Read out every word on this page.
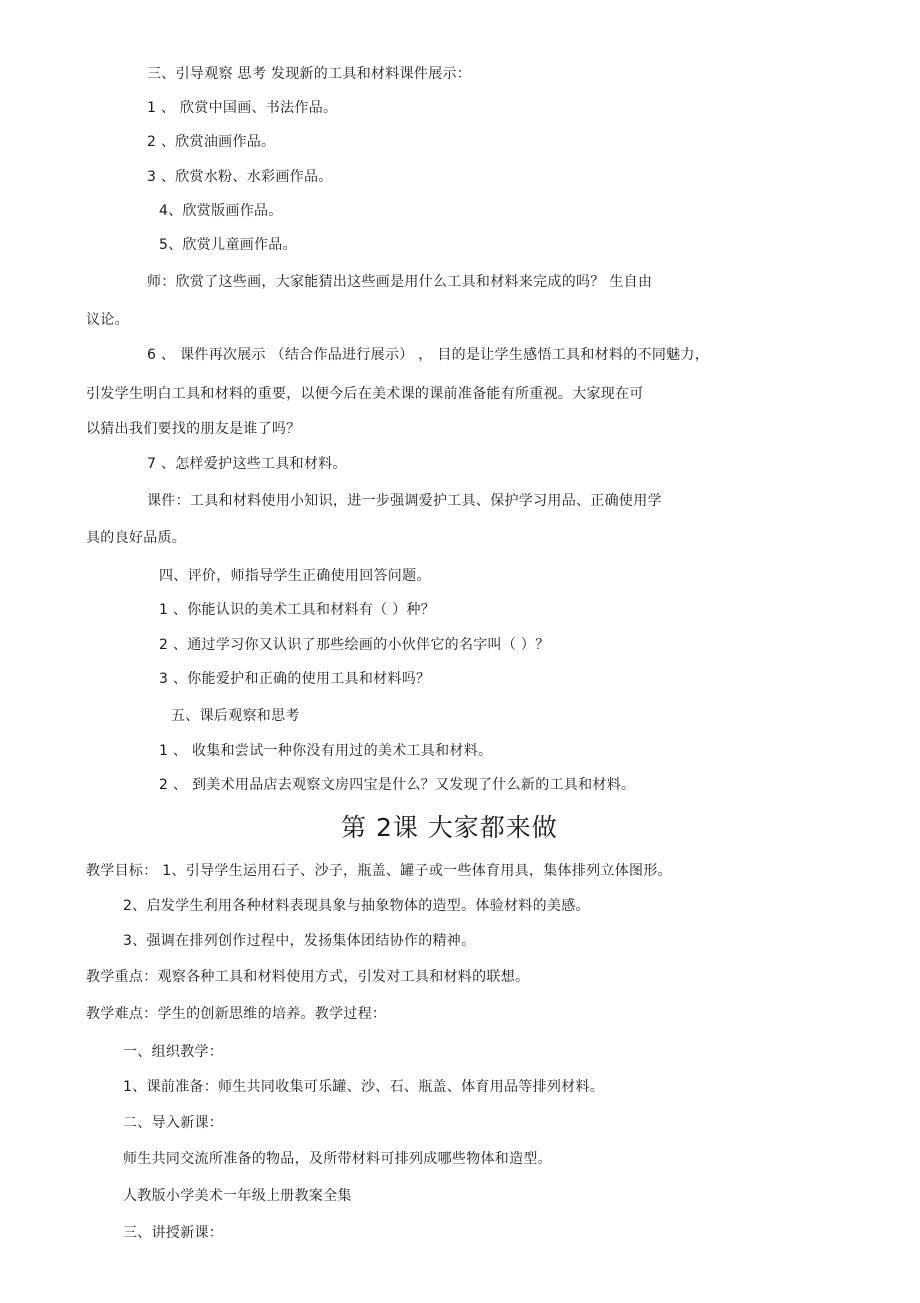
三、引导观察 思考 发现新的工具和材料课件展示：
1 、 欣赏中国画、书法作品。
2 、欣赏油画作品。
3 、欣赏水粉、水彩画作品。
4、欣赏版画作品。
5、欣赏儿童画作品。
师：欣赏了这些画，大家能猜出这些画是用什么工具和材料来完成的吗？ 生自由
议论。
6 、 课件再次展示 （结合作品进行展示） ， 目的是让学生感悟工具和材料的不同魅力，
引发学生明白工具和材料的重要，以便今后在美术课的课前准备能有所重视。大家现在可
以猜出我们要找的朋友是谁了吗？
7 、怎样爱护这些工具和材料。
课件：工具和材料使用小知识，进一步强调爱护工具、保护学习用品、正确使用学
具的良好品质。
四、评价，师指导学生正确使用回答问题。
1 、你能认识的美术工具和材料有（ ）种？
2 、通过学习你又认识了那些绘画的小伙伴它的名字叫（ ）？
3 、你能爱护和正确的使用工具和材料吗？
五、课后观察和思考
1 、 收集和尝试一种你没有用过的美术工具和材料。
2 、 到美术用品店去观察文房四宝是什么？又发现了什么新的工具和材料。
第 2课 大家都来做
教学目标： 1、引导学生运用石子、沙子，瓶盖、罐子或一些体育用具，集体排列立体图形。
2、启发学生利用各种材料表现具象与抽象物体的造型。体验材料的美感。
3、强调在排列创作过程中，发扬集体团结协作的精神。
教学重点：观察各种工具和材料使用方式，引发对工具和材料的联想。
教学难点：学生的创新思维的培养。教学过程：
一、组织教学：
1、课前准备：师生共同收集可乐罐、沙、石、瓶盖、体育用品等排列材料。
二、导入新课：
师生共同交流所准备的物品，及所带材料可排列成哪些物体和造型。
人教版小学美术一年级上册教案全集
三、讲授新课：
